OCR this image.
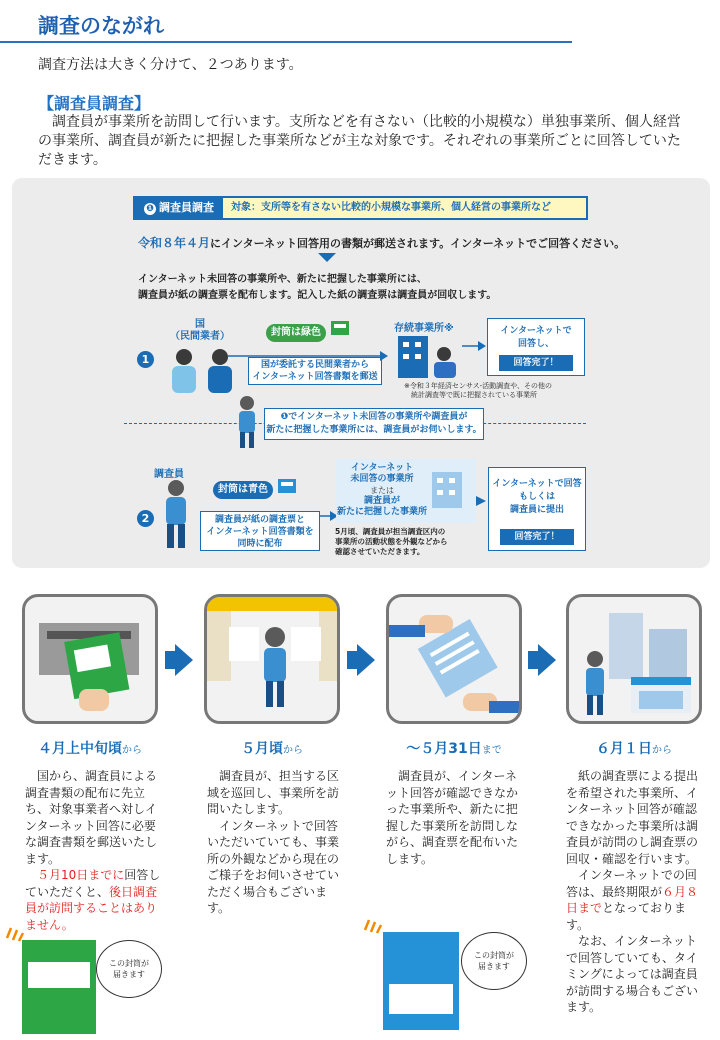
調査のながれ
調査方法は大きく分けて、２つあります。
【調査員調査】
　調査員が事業所を訪問して行います。支所などを有さない（比較的小規模な）単独事業所、個人経営の事業所、調査員が新たに把握した事業所などが主な対象です。それぞれの事業所ごとに回答していただきます。
❶ 調査員調査	対象：支所等を有さない比較的小規模な事業所、個人経営の事業所など
令和８年４月にインターネット回答用の書類が郵送されます。インターネットでご回答ください。
インターネット未回答の事業所や、新たに把握した事業所には、
調査員が紙の調査票を配布します。記入した紙の調査票は調査員が回収します。
1
国
（民間業者）	封筒は緑色
国が委託する民間業者から
インターネット回答書類を郵送
存続事業所※
※令和３年経済センサス‐活動調査や、その他の
　統計調査等で既に把握されている事業所
インターネットで
回答し、
回答完了！
❶でインターネット未回答の事業所や調査員が
新たに把握した事業所には、調査員がお伺いします。
2
調査員
封筒は青色
調査員が紙の調査票と
インターネット回答書類を
同時に配布
インターネット
未回答の事業所
または
調査員が
新たに把握した事業所
5月頃、調査員が担当調査区内の
事業所の活動状態を外観などから
確認させていただきます。
インターネットで回答
もしくは
調査員に提出
回答完了！
４月上中旬頃から	５月頃から	～５月31日まで	６月１日から
　国から、調査員による調査書類の配布に先立ち、対象事業者へ対しインターネット回答に必要な調査書類を郵送いたします。
　５月10日までに回答していただくと、後日調査員が訪問することはありません。
　調査員が、担当する区域を巡回し、事業所を訪問いたします。
　インターネットで回答いただいていても、事業所の外観などから現在のご様子をお伺いさせていただく場合もございます。
　調査員が、インターネット回答が確認できなかった事業所や、新たに把握した事業所を訪問しながら、調査票を配布いたします。
　紙の調査票による提出を希望された事業所、インターネット回答が確認できなかった事業所は調査員が訪問のし調査票の回収・確認を行います。
　インターネットでの回答は、最終期限が６月８日までとなっております。
　なお、インターネットで回答していても、タイミングによっては調査員が訪問する場合もございます。
この封筒が
届きます
この封筒が
届きます
